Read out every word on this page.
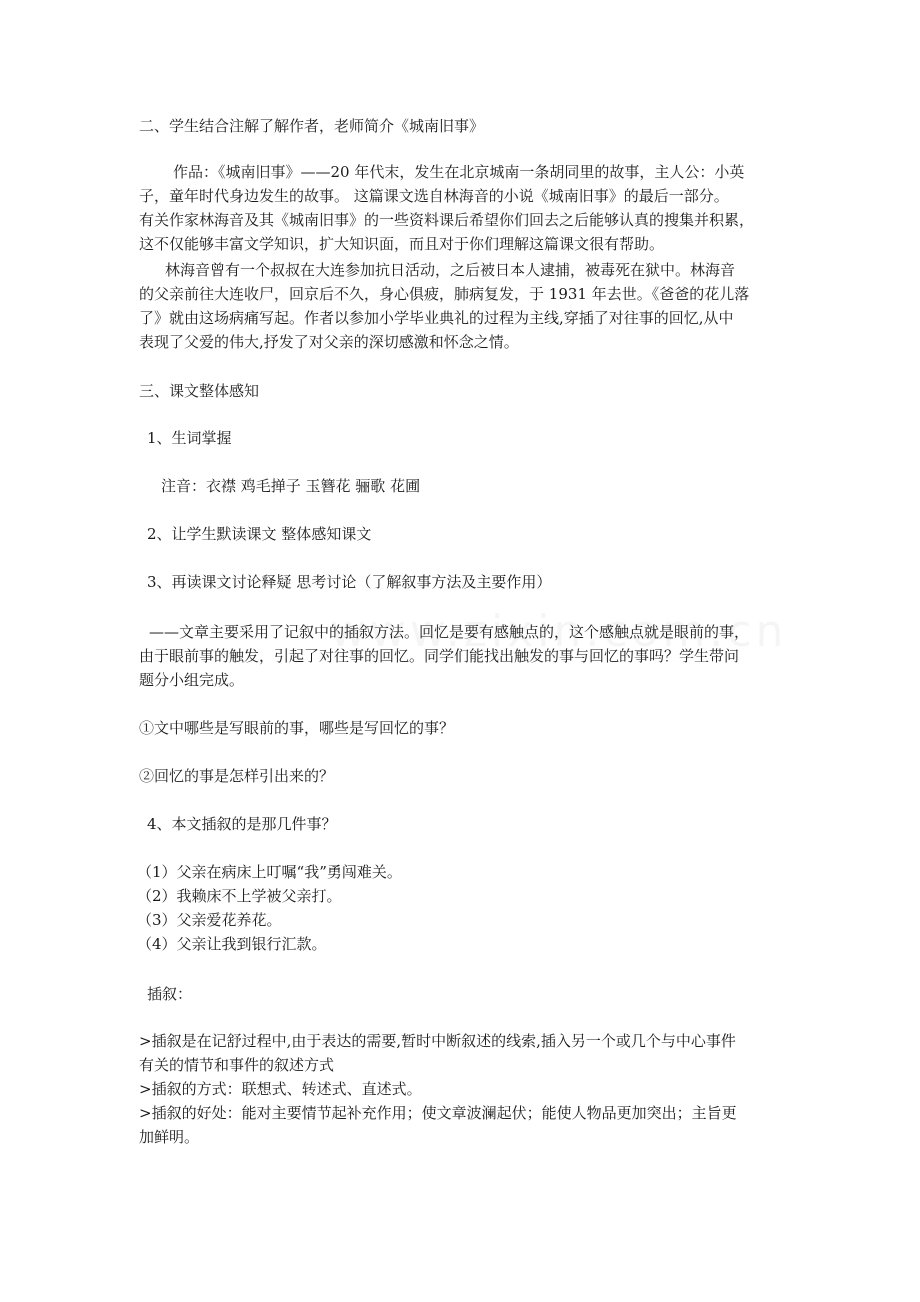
二、学生结合注解了解作者，老师简介《城南旧事》
作品：《城南旧事》——20 年代末，发生在北京城南一条胡同里的故事，主人公：小英
子，童年时代身边发生的故事。 这篇课文选自林海音的小说《城南旧事》的最后一部分。
有关作家林海音及其《城南旧事》的一些资料课后希望你们回去之后能够认真的搜集并积累，
这不仅能够丰富文学知识，扩大知识面，而且对于你们理解这篇课文很有帮助。
林海音曾有一个叔叔在大连参加抗日活动，之后被日本人逮捕，被毒死在狱中。林海音
的父亲前往大连收尸，回京后不久，身心俱疲，肺病复发，于 1931 年去世。《爸爸的花儿落
了》就由这场病痛写起。作者以参加小学毕业典礼的过程为主线,穿插了对往事的回忆,从中
表现了父爱的伟大,抒发了对父亲的深切感激和怀念之情。
三、课文整体感知
1、生词掌握
注音：衣襟 鸡毛掸子 玉簪花 骊歌 花圃
2、让学生默读课文 整体感知课文
3、再读课文讨论释疑 思考讨论（了解叙事方法及主要作用）
——文章主要采用了记叙中的插叙方法。回忆是要有感触点的，这个感触点就是眼前的事，
由于眼前事的触发，引起了对往事的回忆。同学们能找出触发的事与回忆的事吗？学生带问
题分小组完成。
①文中哪些是写眼前的事，哪些是写回忆的事？
②回忆的事是怎样引出来的？
4、本文插叙的是那几件事？
（1）父亲在病床上叮嘱“我”勇闯难关。
（2）我赖床不上学被父亲打。
（3）父亲爱花养花。
（4）父亲让我到银行汇款。
插叙：
>插叙是在记舒过程中,由于表达的需要,暂时中断叙述的线索,插入另一个或几个与中心事件
有关的情节和事件的叙述方式
>插叙的方式：联想式、转述式、直述式。
>插叙的好处：能对主要情节起补充作用；使文章波澜起伏；能使人物品更加突出；主旨更
加鲜明。
